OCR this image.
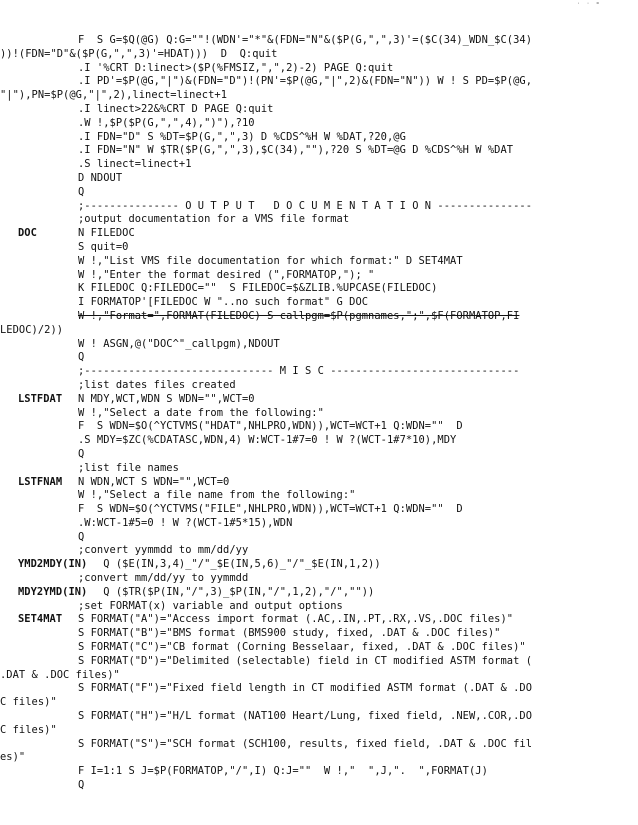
˙ ˙ ˚
F  S G=$Q(@G) Q:G=""!(WDN'="*"&(FDN="N"&($P(G,",",3)'=($C(34)_WDN_$C(34)
))!(FDN="D"&($P(G,",",3)'=HDAT)))  D  Q:quit
.I '%CRT D:linect>($P(%FMSIZ,",",2)-2) PAGE Q:quit
.I PD'=$P(@G,"|")&(FDN="D")!(PN'=$P(@G,"|",2)&(FDN="N")) W ! S PD=$P(@G,
"|"),PN=$P(@G,"|",2),linect=linect+1
.I linect>22&%CRT D PAGE Q:quit
.W !,$P($P(G,",",4),")"),?10
.I FDN="D" S %DT=$P(G,",",3) D %CDS^%H W %DAT,?20,@G
.I FDN="N" W $TR($P(G,",",3),$C(34),""),?20 S %DT=@G D %CDS^%H W %DAT
.S linect=linect+1
D NDOUT
Q
;--------------- O U T P U T   D O C U M E N T A T I O N ---------------
;output documentation for a VMS file format
DOC	N FILEDOC
S quit=0
W !,"List VMS file documentation for which format:" D SET4MAT
W !,"Enter the format desired (",FORMATOP,"); "
K FILEDOC Q:FILEDOC=""  S FILEDOC=$&ZLIB.%UPCASE(FILEDOC)
I FORMATOP'[FILEDOC W "..no such format" G DOC
W !,"Format=",FORMAT(FILEDOC) S callpgm=$P(pgmnames,";",$F(FORMATOP,FI
LEDOC)/2))
W ! ASGN,@("DOC^"_callpgm),NDOUT
Q
;------------------------------ M I S C ------------------------------
;list dates files created
LSTFDAT N MDY,WCT,WDN S WDN="",WCT=0
W !,"Select a date from the following:"
F  S WDN=$O(^YCTVMS("HDAT",NHLPRO,WDN)),WCT=WCT+1 Q:WDN=""  D
.S MDY=$ZC(%CDATASC,WDN,4) W:WCT-1#7=0 ! W ?(WCT-1#7*10),MDY
Q
;list file names
LSTFNAM N WDN,WCT S WDN="",WCT=0
W !,"Select a file name from the following:"
F  S WDN=$O(^YCTVMS("FILE",NHLPRO,WDN)),WCT=WCT+1 Q:WDN=""  D
.W:WCT-1#5=0 ! W ?(WCT-1#5*15),WDN
Q
;convert yymmdd to mm/dd/yy
YMD2MDY(IN)
Q ($E(IN,3,4)_"/"_$E(IN,5,6)_"/"_$E(IN,1,2))
;convert mm/dd/yy to yymmdd
MDY2YMD(IN)
Q ($TR($P(IN,"/",3)_$P(IN,"/",1,2),"/",""))
;set FORMAT(x) variable and output options
SET4MAT S FORMAT("A")="Access import format (.AC,.IN,.PT,.RX,.VS,.DOC files)"
S FORMAT("B")="BMS format (BMS900 study, fixed, .DAT & .DOC files)"
S FORMAT("C")="CB format (Corning Besselaar, fixed, .DAT & .DOC files)"
S FORMAT("D")="Delimited (selectable) field in CT modified ASTM format (
.DAT & .DOC files)"
S FORMAT("F")="Fixed field length in CT modified ASTM format (.DAT & .DO
C files)"
S FORMAT("H")="H/L format (NAT100 Heart/Lung, fixed field, .NEW,.COR,.DO
C files)"
S FORMAT("S")="SCH format (SCH100, results, fixed field, .DAT & .DOC fil
es)"
F I=1:1 S J=$P(FORMATOP,"/",I) Q:J=""  W !,"  ",J,".  ",FORMAT(J)
Q
